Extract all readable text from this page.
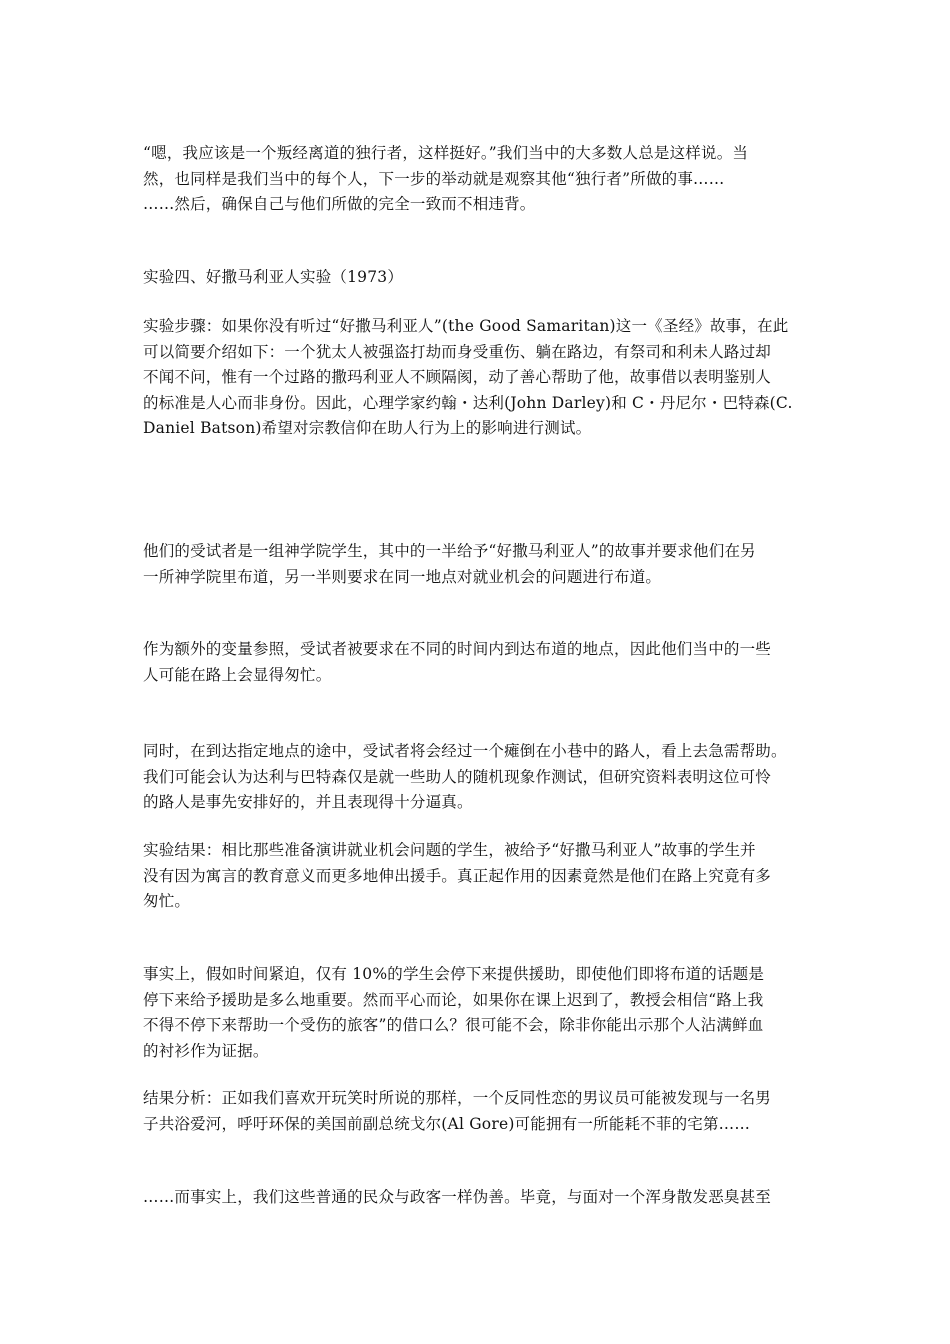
“嗯，我应该是一个叛经离道的独行者，这样挺好。”我们当中的大多数人总是这样说。当
然，也同样是我们当中的每个人，下一步的举动就是观察其他“独行者”所做的事……
……然后，确保自己与他们所做的完全一致而不相违背。

实验四、好撒马利亚人实验（1973）

实验步骤：如果你没有听过“好撒马利亚人”(the Good Samaritan)这一《圣经》故事，在此
可以简要介绍如下：一个犹太人被强盗打劫而身受重伤、躺在路边，有祭司和利未人路过却
不闻不问，惟有一个过路的撒玛利亚人不顾隔阂，动了善心帮助了他，故事借以表明鉴别人
的标准是人心而非身份。因此，心理学家约翰・达利(John Darley)和 C・丹尼尔・巴特森(C.
Daniel Batson)希望对宗教信仰在助人行为上的影响进行测试。

他们的受试者是一组神学院学生，其中的一半给予“好撒马利亚人”的故事并要求他们在另
一所神学院里布道，另一半则要求在同一地点对就业机会的问题进行布道。

作为额外的变量参照，受试者被要求在不同的时间内到达布道的地点，因此他们当中的一些
人可能在路上会显得匆忙。

同时，在到达指定地点的途中，受试者将会经过一个瘫倒在小巷中的路人，看上去急需帮助。
我们可能会认为达利与巴特森仅是就一些助人的随机现象作测试，但研究资料表明这位可怜
的路人是事先安排好的，并且表现得十分逼真。

实验结果：相比那些准备演讲就业机会问题的学生，被给予“好撒马利亚人”故事的学生并
没有因为寓言的教育意义而更多地伸出援手。真正起作用的因素竟然是他们在路上究竟有多
匆忙。

事实上，假如时间紧迫，仅有 10%的学生会停下来提供援助，即使他们即将布道的话题是
停下来给予援助是多么地重要。然而平心而论，如果你在课上迟到了，教授会相信“路上我
不得不停下来帮助一个受伤的旅客”的借口么？很可能不会，除非你能出示那个人沾满鲜血
的衬衫作为证据。

结果分析：正如我们喜欢开玩笑时所说的那样，一个反同性恋的男议员可能被发现与一名男
子共浴爱河，呼吁环保的美国前副总统戈尔(Al Gore)可能拥有一所能耗不菲的宅第……

……而事实上，我们这些普通的民众与政客一样伪善。毕竟，与面对一个浑身散发恶臭甚至
